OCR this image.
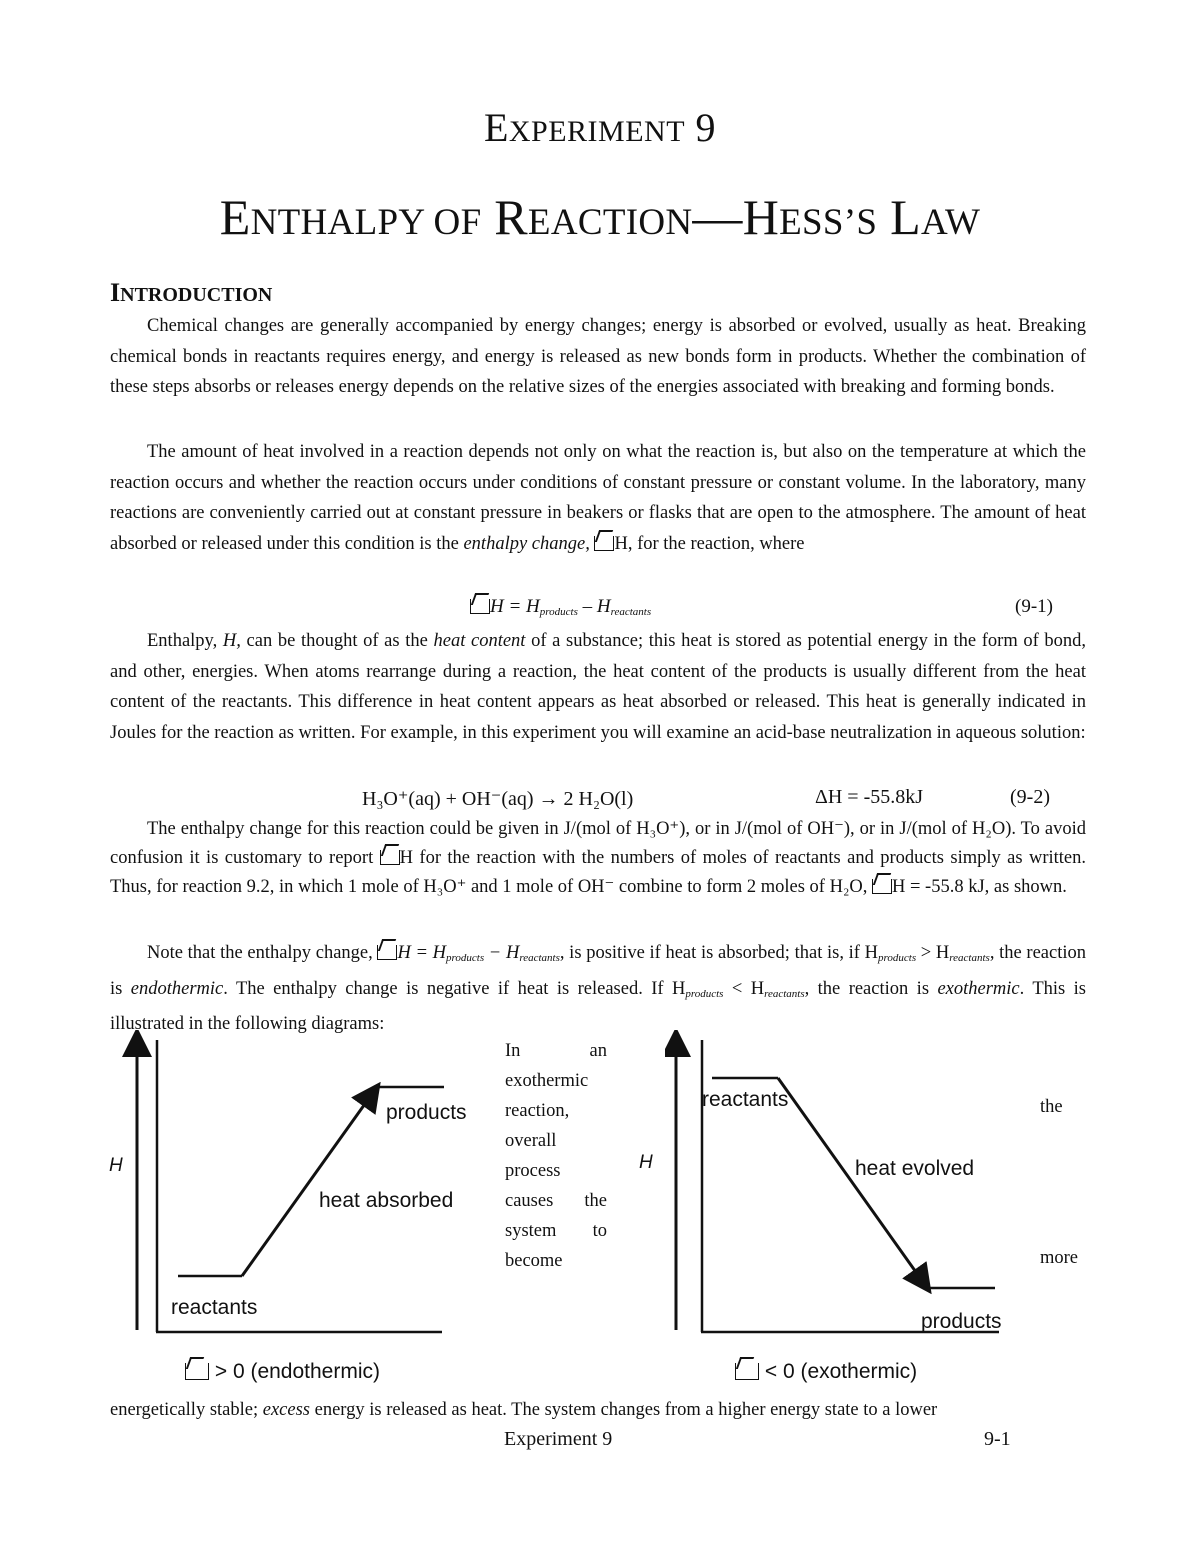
EXPERIMENT 9
ENTHALPY OF REACTION—HESS’S LAW
INTRODUCTION
Chemical changes are generally accompanied by energy changes; energy is absorbed or evolved, usually as heat. Breaking chemical bonds in reactants requires energy, and energy is released as new bonds form in products. Whether the combination of these steps absorbs or releases energy depends on the relative sizes of the energies associated with breaking and forming bonds.
The amount of heat involved in a reaction depends not only on what the reaction is, but also on the temperature at which the reaction occurs and whether the reaction occurs under conditions of constant pressure or constant volume. In the laboratory, many reactions are conveniently carried out at constant pressure in beakers or flasks that are open to the atmosphere. The amount of heat absorbed or released under this condition is the enthalpy change, H, for the reaction, where
$H = H_{products} - H_{reactants}$	(9-1)
Enthalpy, H, can be thought of as the heat content of a substance; this heat is stored as potential energy in the form of bond, and other, energies. When atoms rearrange during a reaction, the heat content of the products is usually different from the heat content of the reactants. This difference in heat content appears as heat absorbed or released. This heat is generally indicated in Joules for the reaction as written. For example, in this experiment you will examine an acid-base neutralization in aqueous solution:
H₃O⁺(aq) + OH⁻(aq) → 2 H₂O(l)	ΔH = -55.8kJ	(9-2)
The enthalpy change for this reaction could be given in J/(mol of H₃O⁺), or in J/(mol of OH⁻), or in J/(mol of H₂O). To avoid confusion it is customary to report H for the reaction with the numbers of moles of reactants and products simply as written. Thus, for reaction 9.2, in which 1 mole of H₃O⁺ and 1 mole of OH⁻ combine to form 2 moles of H₂O, H = -55.8 kJ, as shown.
Note that the enthalpy change, $H = H_{products} - H_{reactants}$, is positive if heat is absorbed; that is, if $H_{products} > H_{reactants}$, the reaction is endothermic. The enthalpy change is negative if heat is released. If $H_{products} < H_{reactants}$, the reaction is exothermic. This is illustrated in the following diagrams:
H
products
heat absorbed
reactants
> 0 (endothermic)
In an
exothermic
reaction,
overall
process
causes the
system to
become
H
reactants
heat evolved
products
< 0 (exothermic)
the
more
energetically stable; excess energy is released as heat. The system changes from a higher energy state to a lower
Experiment 9	9-1
